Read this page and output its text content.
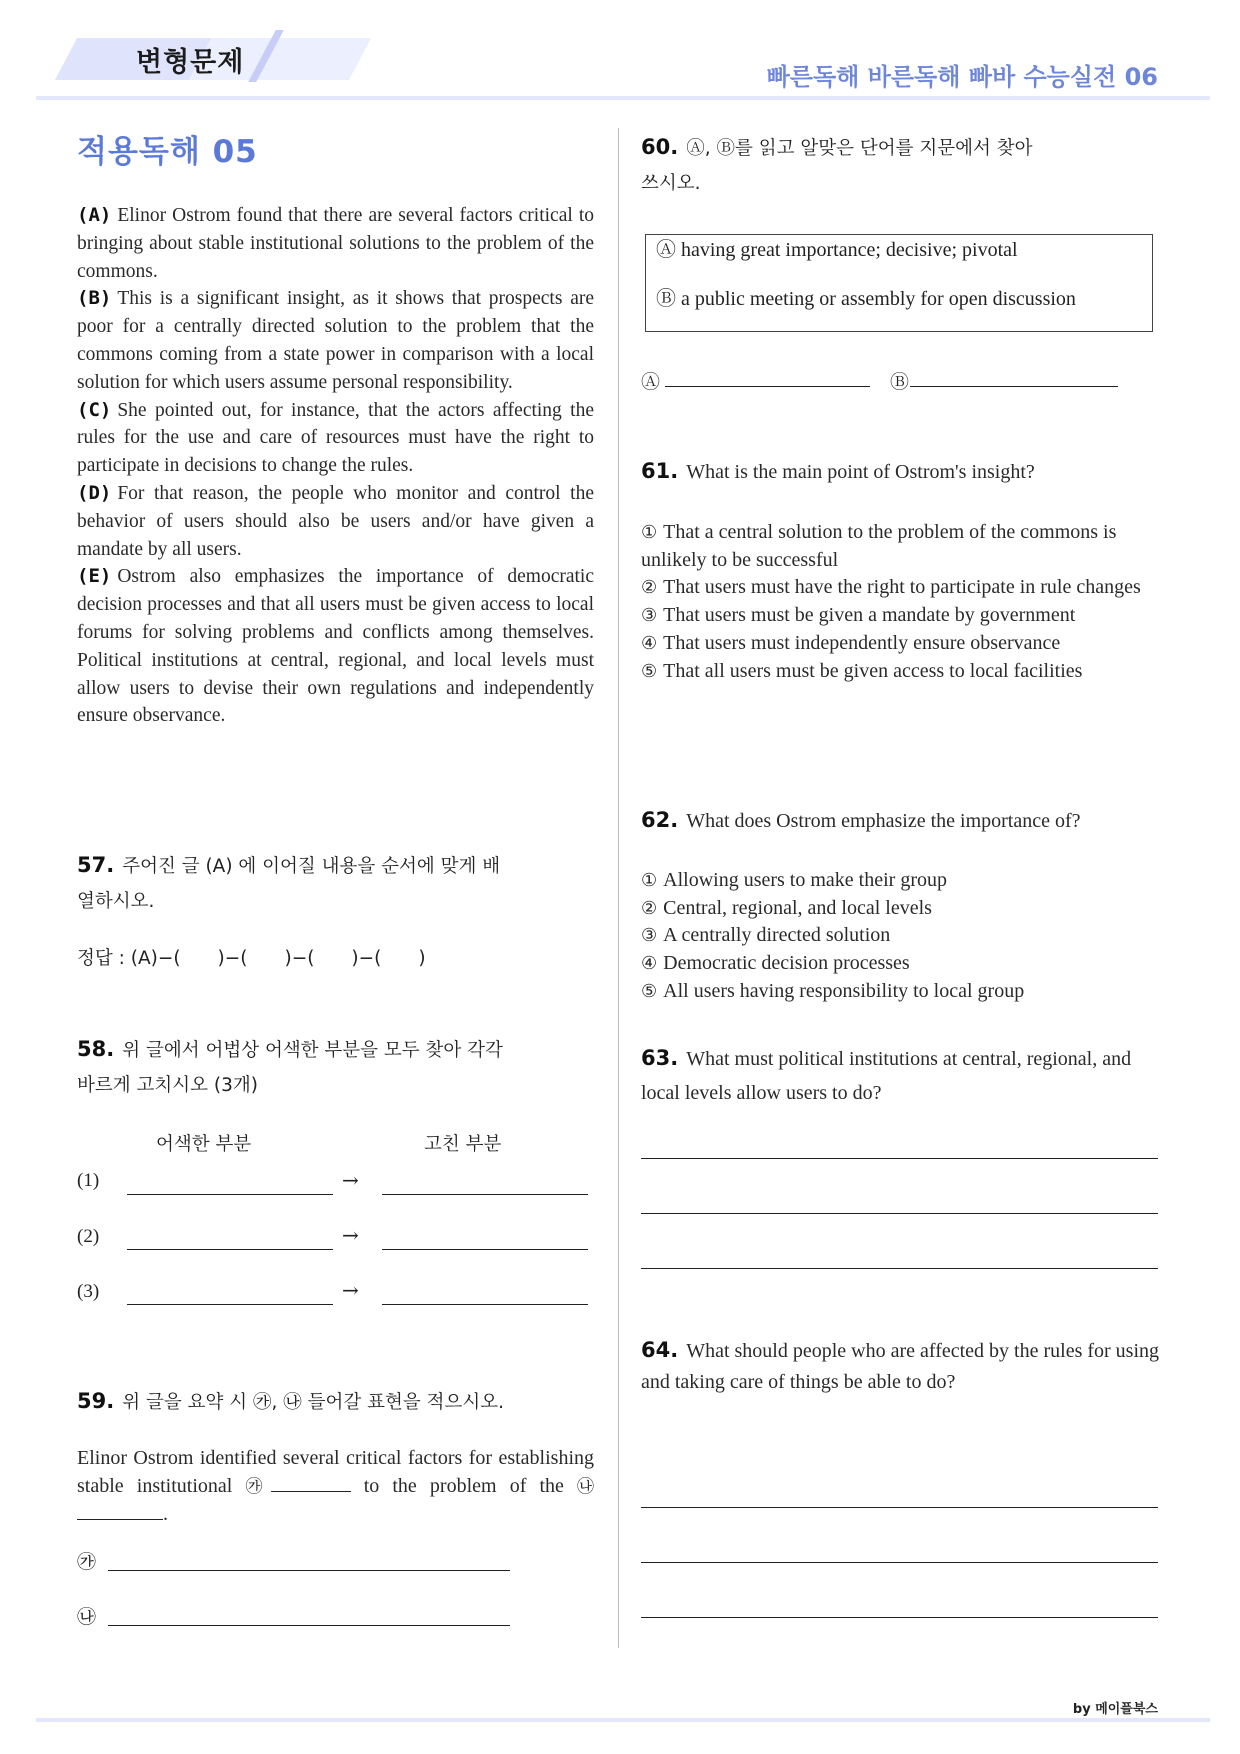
변형문제	빠른독해 바른독해 빠바 수능실전 06
적용독해 05

(A) Elinor Ostrom found that there are several factors critical to bringing about stable institutional solutions to the problem of the commons.

(B) This is a significant insight, as it shows that prospects are poor for a centrally directed solution to the problem that the commons coming from a state power in comparison with a local solution for which users assume personal responsibility.

(C) She pointed out, for instance, that the actors affecting the rules for the use and care of resources must have the right to participate in decisions to change the rules.

(D) For that reason, the people who monitor and control the behavior of users should also be users and/or have given a mandate by all users.

(E) Ostrom also emphasizes the importance of democratic decision processes and that all users must be given access to local forums for solving problems and conflicts among themselves. Political institutions at central, regional, and local levels must allow users to devise their own regulations and independently ensure observance.

57. 주어진 글 (A) 에 이어질 내용을 순서에 맞게 배
열하시오.
정답 : (A)−(　　)−(　　)−(　　)−(　　)
58. 위 글에서 어법상 어색한 부분을 모두 찾아 각각
바르게 고치시오 (3개)
어색한 부분	고친 부분
(1)	→
(2)	→
(3)	→
59. 위 글을 요약 시 ㉮, ㉯ 들어갈 표현을 적으시오.
Elinor Ostrom identified several critical factors for establishing stable institutional ㉮	to the problem of the ㉯.
㉮
㉯
60. Ⓐ, Ⓑ를 읽고 알맞은 단어를 지문에서 찾아
쓰시오.

Ⓐ having great importance; decisive; pivotal

Ⓑ a public meeting or assembly for open discussion

Ⓐ	Ⓑ
61. What is the main point of Ostrom's insight?
① That a central solution to the problem of the commons is unlikely to be successful
② That users must have the right to participate in rule changes
③ That users must be given a mandate by government
④ That users must independently ensure observance
⑤ That all users must be given access to local facilities
62. What does Ostrom emphasize the importance of?
① Allowing users to make their group
② Central, regional, and local levels
③ A centrally directed solution
④ Democratic decision processes
⑤ All users having responsibility to local group
63. What must political institutions at central, regional, and local levels allow users to do?
64. What should people who are affected by the rules for using and taking care of things be able to do?
by 메이플북스
